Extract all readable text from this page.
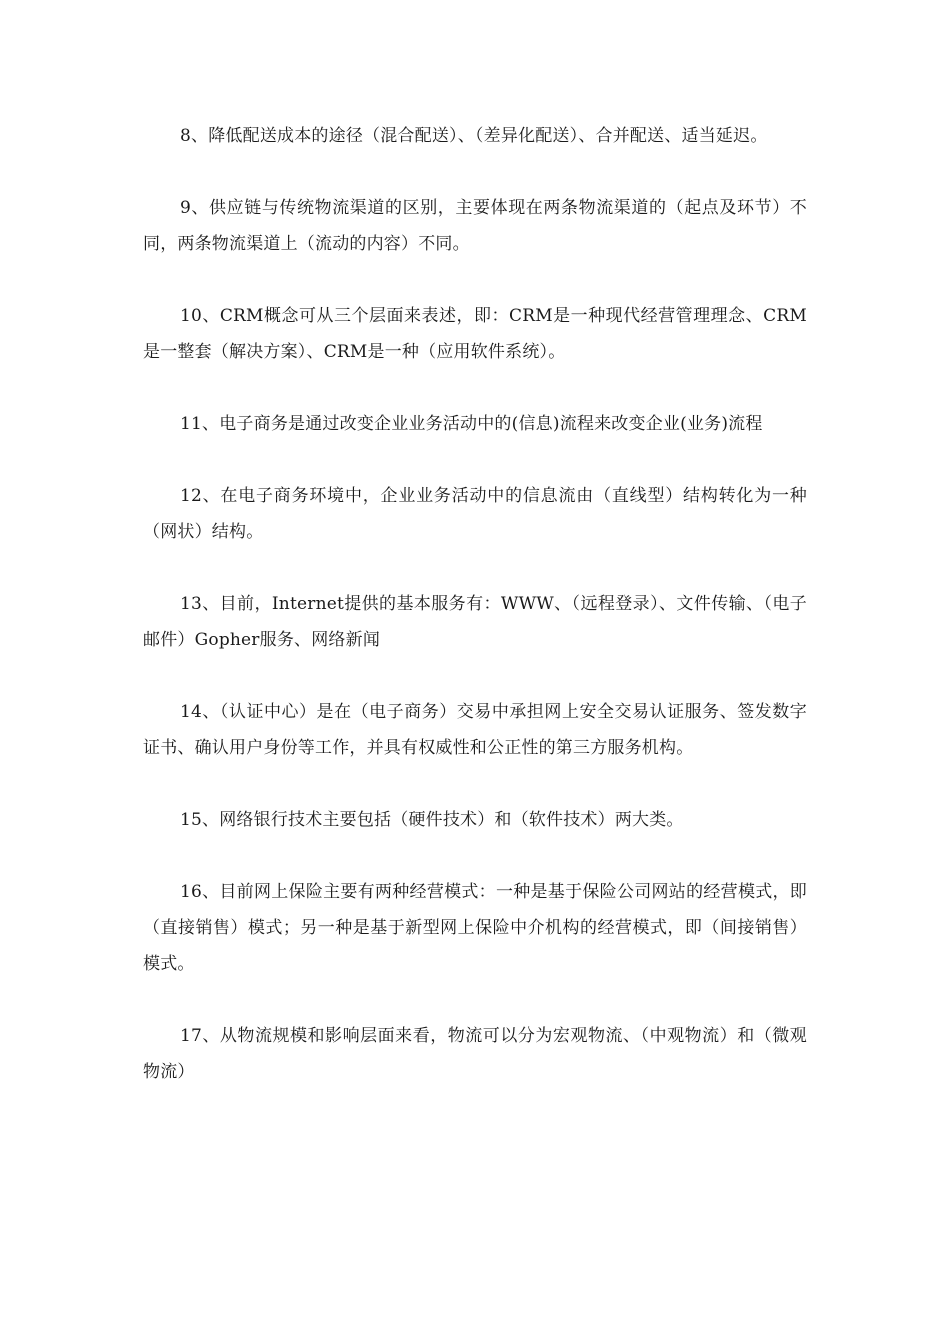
8、降低配送成本的途径（混合配送）、（差异化配送）、合并配送、适当延迟。

9、供应链与传统物流渠道的区别，主要体现在两条物流渠道的（起点及环节）不同，两条物流渠道上（流动的内容）不同。

10、CRM概念可从三个层面来表述，即：CRM是一种现代经营管理理念、CRM是一整套（解决方案）、CRM是一种（应用软件系统）。

11、电子商务是通过改变企业业务活动中的(信息)流程来改变企业(业务)流程

12、在电子商务环境中，企业业务活动中的信息流由（直线型）结构转化为一种（网状）结构。

13、目前，Internet提供的基本服务有：WWW、（远程登录）、文件传输、（电子邮件）Gopher服务、网络新闻

14、（认证中心）是在（电子商务）交易中承担网上安全交易认证服务、签发数字证书、确认用户身份等工作，并具有权威性和公正性的第三方服务机构。

15、网络银行技术主要包括（硬件技术）和（软件技术）两大类。

16、目前网上保险主要有两种经营模式：一种是基于保险公司网站的经营模式，即（直接销售）模式；另一种是基于新型网上保险中介机构的经营模式，即（间接销售）模式。

17、从物流规模和影响层面来看，物流可以分为宏观物流、（中观物流）和（微观物流）
